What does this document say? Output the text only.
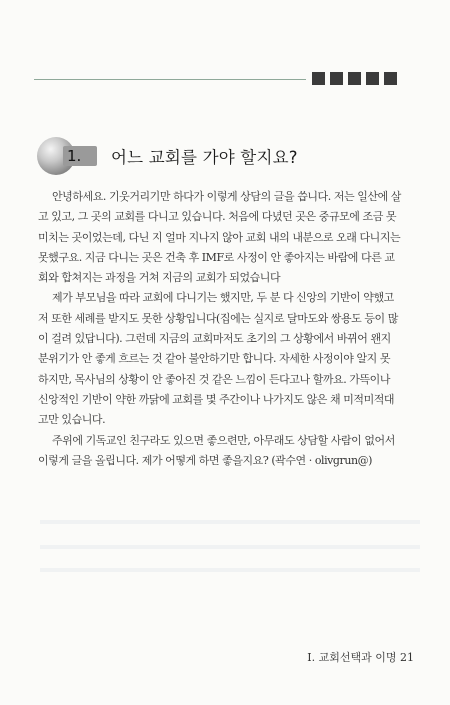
1. 어느 교회를 가야 할지요?
안녕하세요. 기웃거리기만 하다가 이렇게 상담의 글을 씁니다. 저는 일산에 살
고 있고, 그 곳의 교회를 다니고 있습니다. 처음에 다녔던 곳은 중규모에 조금 못
미치는 곳이었는데, 다닌 지 얼마 지나지 않아 교회 내의 내분으로 오래 다니지는
못했구요. 지금 다니는 곳은 건축 후 IMF로 사정이 안 좋아지는 바람에 다른 교
회와 합쳐지는 과정을 거쳐 지금의 교회가 되었습니다
제가 부모님을 따라 교회에 다니기는 했지만, 두 분 다 신앙의 기반이 약했고
저 또한 세례를 받지도 못한 상황입니다(집에는 실지로 달마도와 쌍용도 등이 많
이 걸려 있답니다). 그런데 지금의 교회마저도 초기의 그 상황에서 바뀌어 왠지
분위기가 안 좋게 흐르는 것 같아 불안하기만 합니다. 자세한 사정이야 알지 못
하지만, 목사님의 상황이 안 좋아진 것 같은 느낌이 든다고나 할까요. 가뜩이나
신앙적인 기반이 약한 까닭에 교회를 몇 주간이나 나가지도 않은 채 미적미적대
고만 있습니다.
주위에 기독교인 친구라도 있으면 좋으련만, 아무래도 상담할 사람이 없어서
이렇게 글을 올립니다. 제가 어떻게 하면 좋을지요? (곽수연 · olivgrun@)
I. 교회선택과 이명 21
